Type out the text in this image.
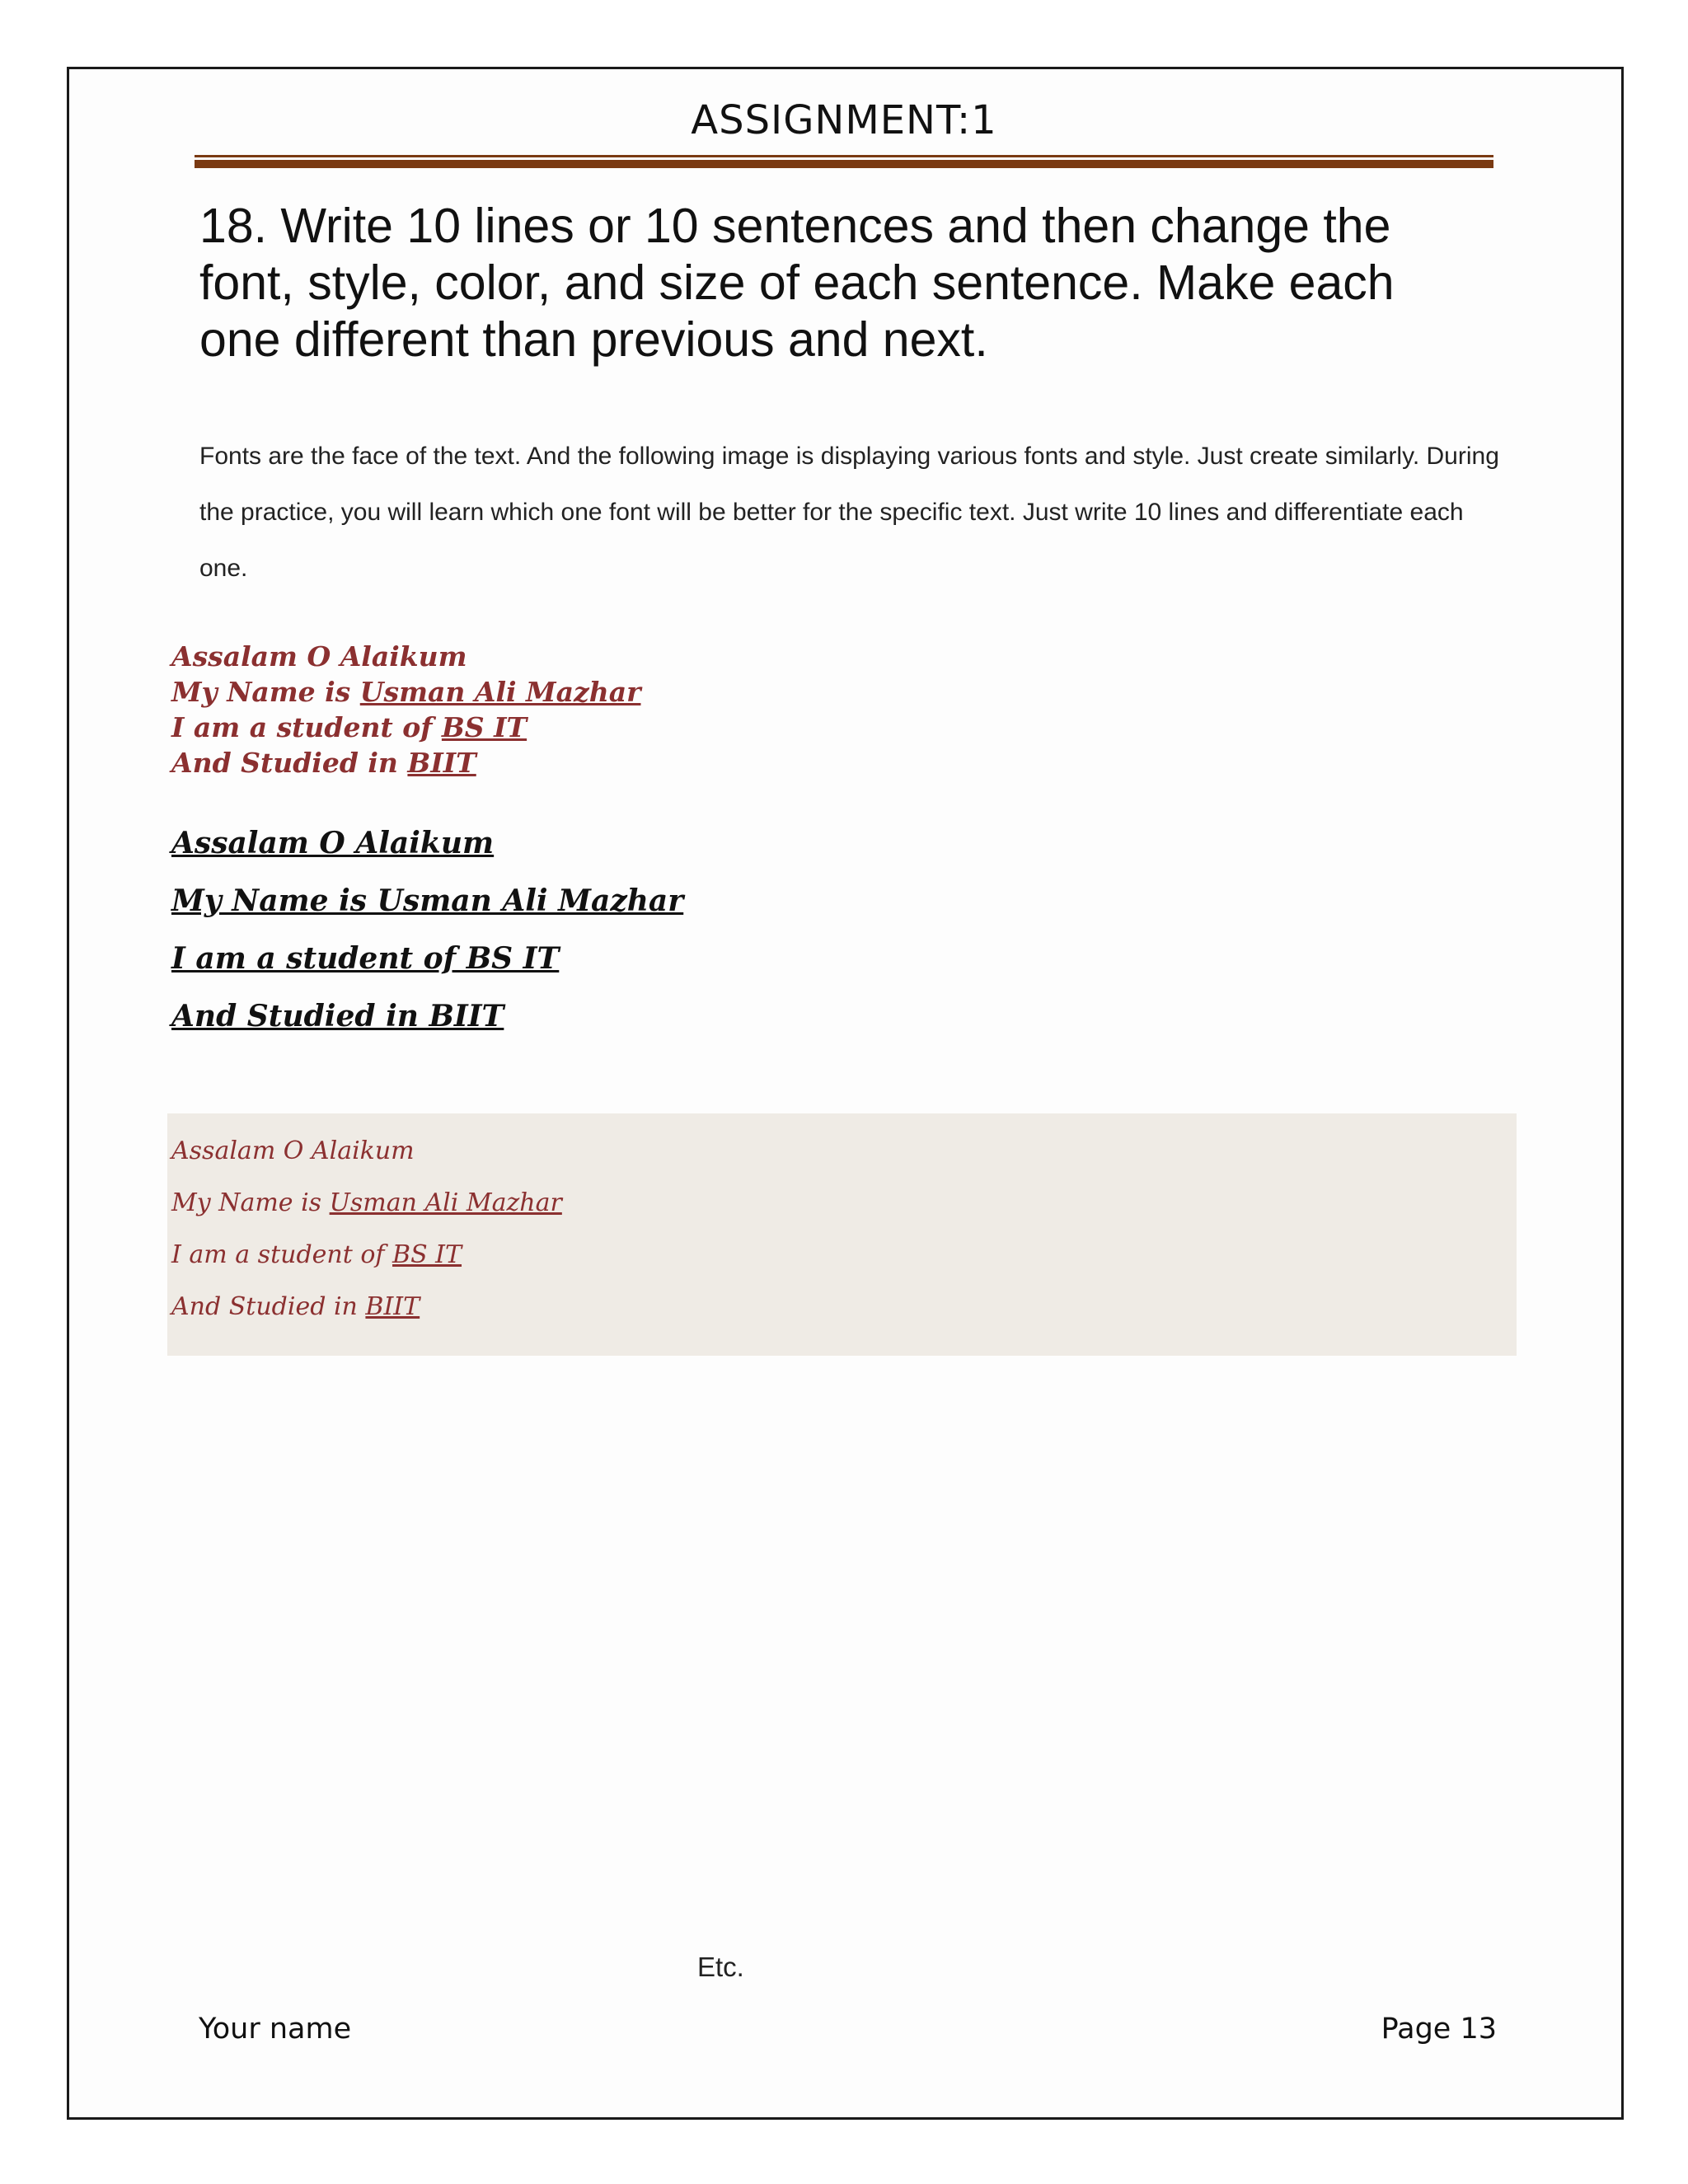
ASSIGNMENT:1
18. Write 10 lines or 10 sentences and then change the font, style, color, and size of each sentence. Make each one different than previous and next.
Fonts are the face of the text. And the following image is displaying various fonts and style. Just create similarly. During the practice, you will learn which one font will be better for the specific text. Just write 10 lines and differentiate each one.
Assalam O Alaikum
My Name is Usman Ali Mazhar
I am a student of BS IT
And Studied in BIIT
Assalam O Alaikum
My Name is Usman Ali Mazhar
I am a student of BS IT
And Studied in BIIT
Assalam O Alaikum
My Name is Usman Ali Mazhar
I am a student of BS IT
And Studied in BIIT
Etc.
Your name	Page 13
